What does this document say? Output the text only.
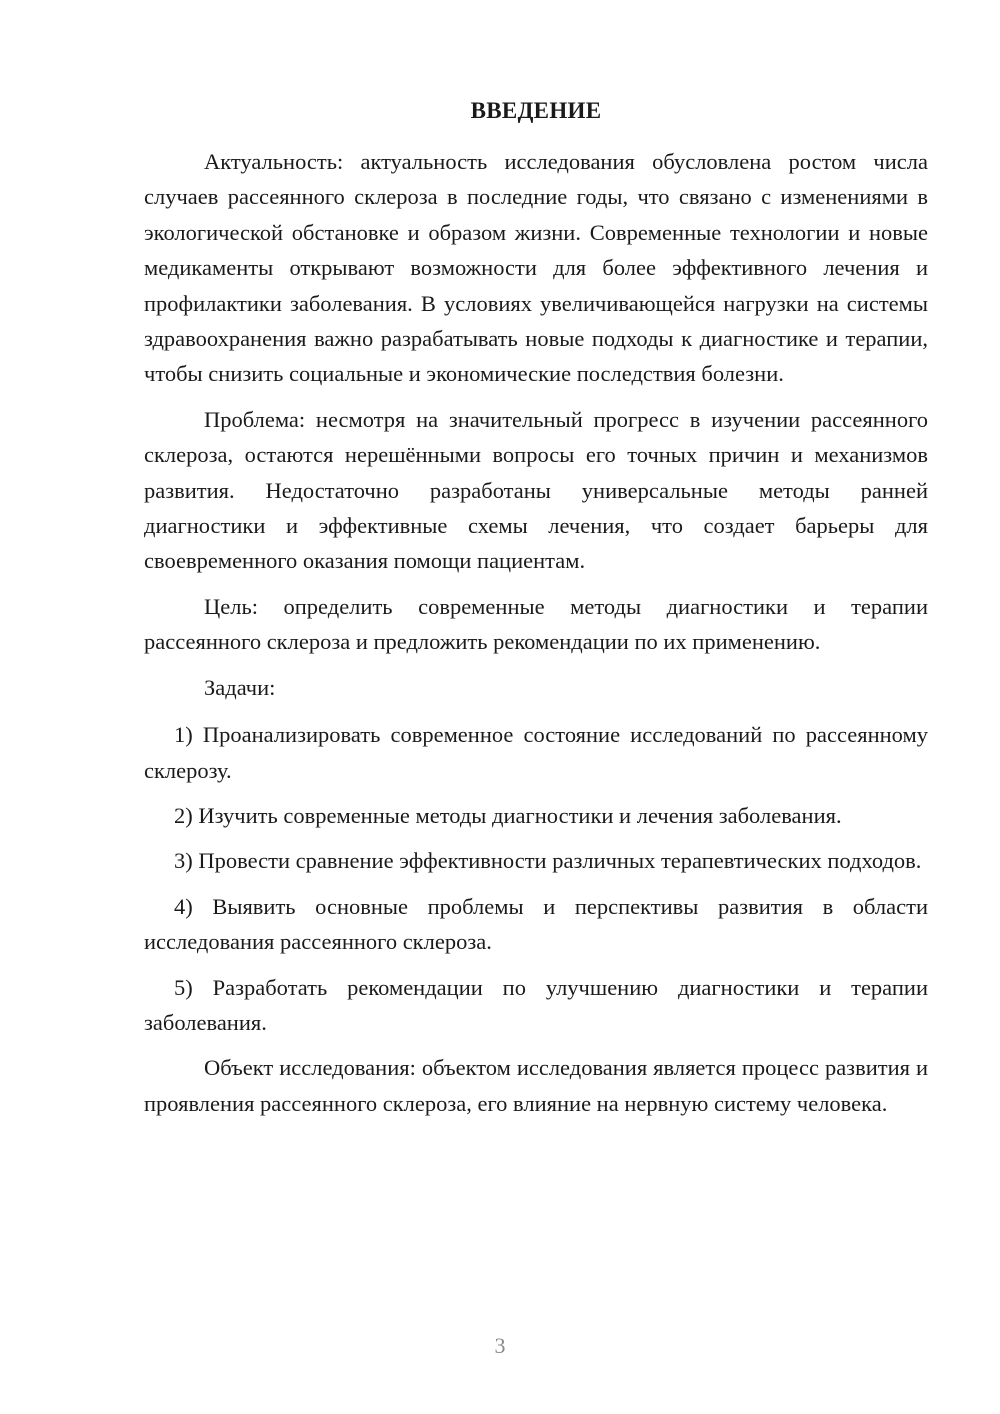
ВВЕДЕНИЕ

Актуальность: актуальность исследования обусловлена ростом числа случаев рассеянного склероза в последние годы, что связано с изменениями в экологической обстановке и образом жизни. Современные технологии и новые медикаменты открывают возможности для более эффективного лечения и профилактики заболевания. В условиях увеличивающейся нагрузки на системы здравоохранения важно разрабатывать новые подходы к диагностике и терапии, чтобы снизить социальные и экономические последствия болезни.

Проблема: несмотря на значительный прогресс в изучении рассеянного склероза, остаются нерешёнными вопросы его точных причин и механизмов развития. Недостаточно разработаны универсальные методы ранней диагностики и эффективные схемы лечения, что создает барьеры для своевременного оказания помощи пациентам.

Цель: определить современные методы диагностики и терапии рассеянного склероза и предложить рекомендации по их применению.

Задачи:

1) Проанализировать современное состояние исследований по рассеянному склерозу.

2) Изучить современные методы диагностики и лечения заболевания.

3) Провести сравнение эффективности различных терапевтических подходов.

4) Выявить основные проблемы и перспективы развития в области исследования рассеянного склероза.

5) Разработать рекомендации по улучшению диагностики и терапии заболевания.

Объект исследования: объектом исследования является процесс развития и проявления рассеянного склероза, его влияние на нервную систему человека.

3
